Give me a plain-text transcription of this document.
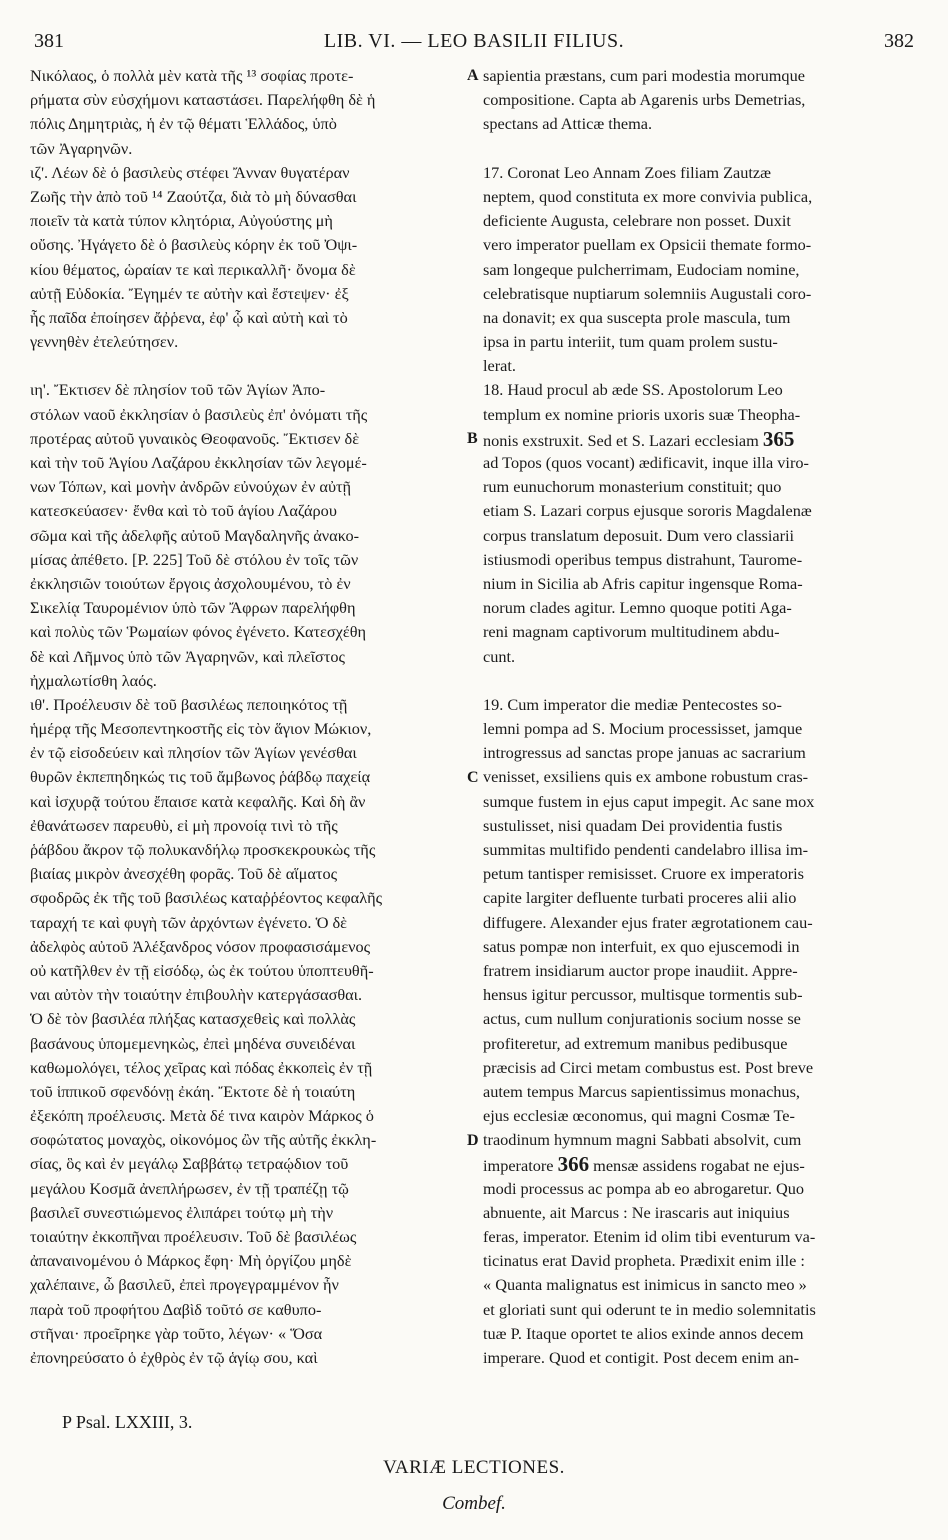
381	LIB. VI. — LEO BASILII FILIUS.	382
Νικόλαος, ὁ πολλὰ μὲν κατὰ τῆς ¹³ σοφίας προτε-
ρήματα σὺν εὐσχήμονι καταστάσει. Παρελήφθη δὲ ἡ
πόλις Δημητριὰς, ἡ ἐν τῷ θέματι Ἑλλάδος, ὑπὸ
τῶν Ἀγαρηνῶν.
ιζ'. Λέων δὲ ὁ βασιλεὺς στέφει Ἄνναν θυγατέραν
Ζωῆς τὴν ἀπὸ τοῦ ¹⁴ Ζαούτζα, διὰ τὸ μὴ δύνασθαι
ποιεῖν τὰ κατὰ τύπον κλητόρια, Αὐγούστης μὴ
οὔσης. Ἠγάγετο δὲ ὁ βασιλεὺς κόρην ἐκ τοῦ Ὀψι-
κίου θέματος, ὡραίαν τε καὶ περικαλλῆ· ὄνομα δὲ
αὐτῇ Εὐδοκία. Ἔγημέν τε αὐτὴν καὶ ἔστεψεν· ἐξ
ἧς παῖδα ἐποίησεν ἄῤῥενα, ἐφ' ᾧ καὶ αὐτὴ καὶ τὸ
γεννηθὲν ἐτελεύτησεν.
ιη'. Ἔκτισεν δὲ πλησίον τοῦ τῶν Ἁγίων Ἀπο-
στόλων ναοῦ ἐκκλησίαν ὁ βασιλεὺς ἐπ' ὀνόματι τῆς
προτέρας αὐτοῦ γυναικὸς Θεοφανοῦς. Ἔκτισεν δὲ
καὶ τὴν τοῦ Ἁγίου Λαζάρου ἐκκλησίαν τῶν λεγομέ-
νων Τόπων, καὶ μονὴν ἀνδρῶν εὐνούχων ἐν αὐτῇ
κατεσκεύασεν· ἔνθα καὶ τὸ τοῦ ἁγίου Λαζάρου
σῶμα καὶ τῆς ἀδελφῆς αὐτοῦ Μαγδαληνῆς ἀνακο-
μίσας ἀπέθετο. [P. 225] Τοῦ δὲ στόλου ἐν τοῖς τῶν
ἐκκλησιῶν τοιούτων ἔργοις ἀσχολουμένου, τὸ ἐν
Σικελίᾳ Ταυρομένιον ὑπὸ τῶν Ἄφρων παρελήφθη
καὶ πολὺς τῶν Ῥωμαίων φόνος ἐγένετο. Κατεσχέθη
δὲ καὶ Λῆμνος ὑπὸ τῶν Ἀγαρηνῶν, καὶ πλεῖστος
ἠχμαλωτίσθη λαός.
ιθ'. Προέλευσιν δὲ τοῦ βασιλέως πεποιηκότος τῇ
ἡμέρᾳ τῆς Μεσοπεντηκοστῆς εἰς τὸν ἅγιον Μώκιον,
ἐν τῷ εἰσοδεύειν καὶ πλησίον τῶν Ἁγίων γενέσθαι
θυρῶν ἐκπεπηδηκώς τις τοῦ ἄμβωνος ῥάβδῳ παχείᾳ
καὶ ἰσχυρᾷ τούτου ἔπαισε κατὰ κεφαλῆς. Καὶ δὴ ἂν
ἐθανάτωσεν παρευθὺ, εἰ μὴ προνοίᾳ τινὶ τὸ τῆς
ῥάβδου ἄκρον τῷ πολυκανδήλῳ προσκεκρουκὼς τῆς
βιαίας μικρὸν ἀνεσχέθη φορᾶς. Τοῦ δὲ αἵματος
σφοδρῶς ἐκ τῆς τοῦ βασιλέως καταῤῥέοντος κεφαλῆς
ταραχή τε καὶ φυγὴ τῶν ἀρχόντων ἐγένετο. Ὁ δὲ
ἀδελφὸς αὐτοῦ Ἀλέξανδρος νόσον προφασισάμενος
οὐ κατῆλθεν ἐν τῇ εἰσόδῳ, ὡς ἐκ τούτου ὑποπτευθῆ-
ναι αὐτὸν τὴν τοιαύτην ἐπιβουλὴν κατεργάσασθαι.
Ὁ δὲ τὸν βασιλέα πλήξας κατασχεθεὶς καὶ πολλὰς
βασάνους ὑπομεμενηκὼς, ἐπεὶ μηδένα συνειδέναι
καθωμολόγει, τέλος χεῖρας καὶ πόδας ἐκκοπεὶς ἐν τῇ
τοῦ ἱππικοῦ σφενδόνῃ ἐκάη. Ἔκτοτε δὲ ἡ τοιαύτη
ἐξεκόπη προέλευσις. Μετὰ δέ τινα καιρὸν Μάρκος ὁ
σοφώτατος μοναχὸς, οἰκονόμος ὢν τῆς αὐτῆς ἐκκλη-
σίας, ὃς καὶ ἐν μεγάλῳ Σαββάτῳ τετραῴδιον τοῦ
μεγάλου Κοσμᾶ ἀνεπλήρωσεν, ἐν τῇ τραπέζῃ τῷ
βασιλεῖ συνεστιώμενος ἐλιπάρει τούτῳ μὴ τὴν
τοιαύτην ἐκκοπῆναι προέλευσιν. Τοῦ δὲ βασιλέως
ἀπαναινομένου ὁ Μάρκος ἔφη· Μὴ ὀργίζου μηδὲ
χαλέπαινε, ὦ βασιλεῦ, ἐπεὶ προγεγραμμένον ἦν
παρὰ τοῦ προφήτου Δαβὶδ τοῦτό σε καθυπο-
στῆναι· προεῖρηκε γὰρ τοῦτο, λέγων· « Ὅσα
ἐπονηρεύσατο ὁ ἐχθρὸς ἐν τῷ ἁγίῳ σου, καὶ
A
B
C
D
sapientia præstans, cum pari modestia morumque
compositione. Capta ab Agarenis urbs Demetrias,
spectans ad Atticæ thema.
17. Coronat Leo Annam Zoes filiam Zautzæ
neptem, quod constituta ex more convivia publica,
deficiente Augusta, celebrare non posset. Duxit
vero imperator puellam ex Opsicii themate formo-
sam longeque pulcherrimam, Eudociam nomine,
celebratisque nuptiarum solemniis Augustali coro-
na donavit; ex qua suscepta prole mascula, tum
ipsa in partu interiit, tum quam prolem sustu-
lerat.
18. Haud procul ab æde SS. Apostolorum Leo
templum ex nomine prioris uxoris suæ Theopha-
nonis exstruxit. Sed et S. Lazari ecclesiam 365
ad Topos (quos vocant) ædificavit, inque illa viro-
rum eunuchorum monasterium constituit; quo
etiam S. Lazari corpus ejusque sororis Magdalenæ
corpus translatum deposuit. Dum vero classiarii
istiusmodi operibus tempus distrahunt, Taurome-
nium in Sicilia ab Afris capitur ingensque Roma-
norum clades agitur. Lemno quoque potiti Aga-
reni magnam captivorum multitudinem abdu-
cunt.
19. Cum imperator die mediæ Pentecostes so-
lemni pompa ad S. Mocium processisset, jamque
introgressus ad sanctas prope januas ac sacrarium
venisset, exsiliens quis ex ambone robustum cras-
sumque fustem in ejus caput impegit. Ac sane mox
sustulisset, nisi quadam Dei providentia fustis
summitas multifido pendenti candelabro illisa im-
petum tantisper remisisset. Cruore ex imperatoris
capite largiter defluente turbati proceres alii alio
diffugere. Alexander ejus frater ægrotationem cau-
satus pompæ non interfuit, ex quo ejuscemodi in
fratrem insidiarum auctor prope inaudiit. Appre-
hensus igitur percussor, multisque tormentis sub-
actus, cum nullum conjurationis socium nosse se
profiteretur, ad extremum manibus pedibusque
præcisis ad Circi metam combustus est. Post breve
autem tempus Marcus sapientissimus monachus,
ejus ecclesiæ œconomus, qui magni Cosmæ Te-
traodinum hymnum magni Sabbati absolvit, cum
imperatore 366 mensæ assidens rogabat ne ejus-
modi processus ac pompa ab eo abrogaretur. Quo
abnuente, ait Marcus : Ne irascaris aut iniquius
feras, imperator. Etenim id olim tibi eventurum va-
ticinatus erat David propheta. Prædixit enim ille :
« Quanta malignatus est inimicus in sancto meo »
et gloriati sunt qui oderunt te in medio solemnitatis
tuæ P. Itaque oportet te alios exinde annos decem
imperare. Quod et contigit. Post decem enim an-
P Psal. LXXIII, 3.
VARIÆ LECTIONES.
Combef.
